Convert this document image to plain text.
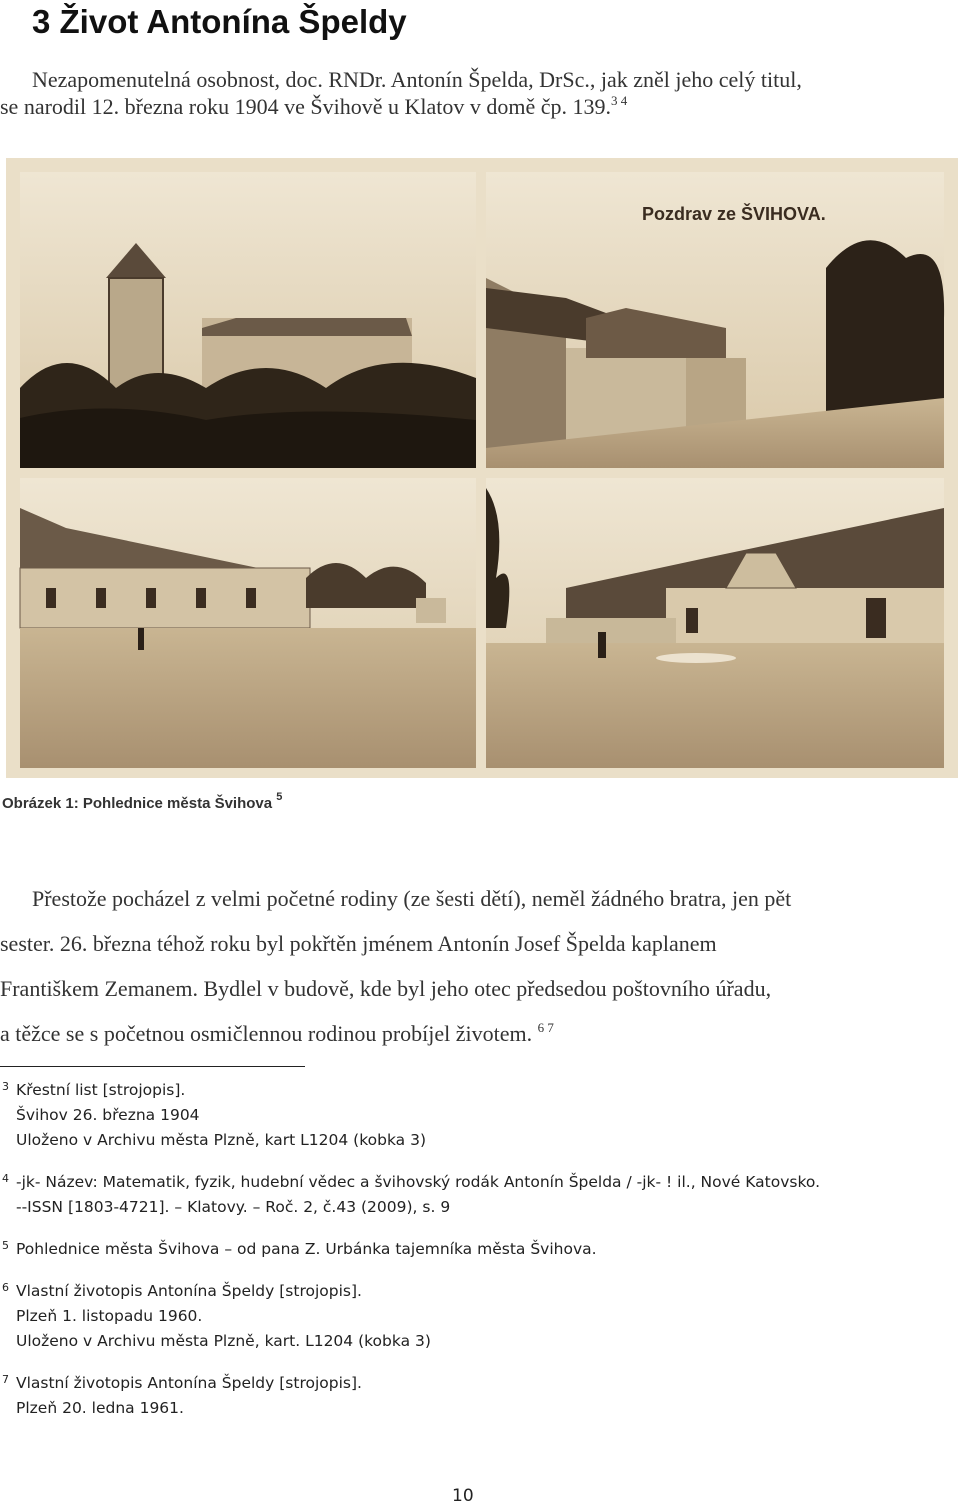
3 Život Antonína Špeldy

Nezapomenutelná osobnost, doc. RNDr. Antonín Špelda, DrSc., jak zněl jeho celý titul,

se narodil 12. března roku 1904 ve Švihově u Klatov v domě čp. 139.$^{3 4}$

Pozdrav ze ŠVIHOVA.
Obrázek 1: Pohlednice města Švihova $^5$

Přestože pocházel z velmi početné rodiny (ze šesti dětí), neměl žádného bratra, jen pět

sester. 26. března téhož roku byl pokřtěn jménem Antonín Josef Špelda kaplanem

Františkem Zemanem. Bydlel v budově, kde byl jeho otec předsedou poštovního úřadu,

a těžce se s početnou osmičlennou rodinou probíjel životem. $^{6 7}$

3 Křestní list [strojopis].
Švihov 26. března 1904
Uloženo v Archivu města Plzně, kart L1204 (kobka 3)
4 -jk- Název: Matematik, fyzik, hudební vědec a švihovský rodák Antonín Špelda / -jk- ! il., Nové Katovsko.
--ISSN [1803-4721]. – Klatovy. – Roč. 2, č.43 (2009), s. 9
5 Pohlednice města Švihova – od pana Z. Urbánka tajemníka města Švihova.
6 Vlastní životopis Antonína Špeldy [strojopis].
Plzeň 1. listopadu 1960.
Uloženo v Archivu města Plzně, kart. L1204 (kobka 3)
7 Vlastní životopis Antonína Špeldy [strojopis].
Plzeň 20. ledna 1961.
10
